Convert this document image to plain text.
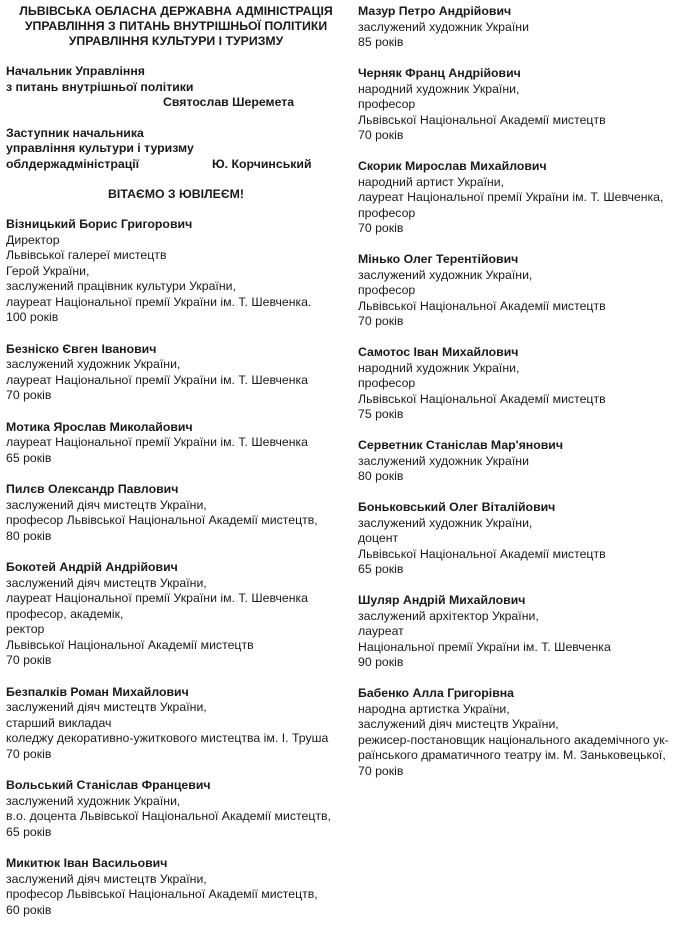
ЛЬВІВСЬКА ОБЛАСНА ДЕРЖАВНА АДМІНІСТРАЦІЯ
УПРАВЛІННЯ З ПИТАНЬ ВНУТРІШНЬОЇ ПОЛІТИКИ
УПРАВЛІННЯ КУЛЬТУРИ І ТУРИЗМУ
Начальник Управління
з питань внутрішньої політики
Святослав Шеремета
Заступник начальника
управління культури і туризму
облдержадміністрації	Ю. Корчинський
ВІТАЄМО З ЮВІЛЕЄМ!
Візницький Борис Григорович
Директор
Львівської галереї мистецтв
Герой України,
заслужений працівник культури України,
лауреат Національної премії України ім. Т. Шевченка.
100 років
Безніско Євген Іванович
заслужений художник України,
лауреат Національної премії України ім. Т. Шевченка
70 років
Мотика Ярослав Миколайович
лауреат Національної премії України ім. Т. Шевченка
65 років
Пилєв Олександр Павлович
заслужений діяч мистецтв України,
професор Львівської Національної Академії мистецтв,
80 років
Бокотей Андрій Андрійович
заслужений діяч мистецтв України,
лауреат Національної премії України ім. Т. Шевченка
професор, академік,
ректор
Львівської Національної Академії мистецтв
70 років
Безпалків Роман Михайлович
заслужений діяч мистецтв України,
старший викладач
коледжу декоративно-ужиткового мистецтва ім. І. Труша
70 років
Вольський Станіслав Францевич
заслужений художник України,
в.о. доцента Львівської Національної Академії мистецтв,
65 років
Микитюк Іван Васильович
заслужений діяч мистецтв України,
професор Львівської Національної Академії мистецтв,
60 років
Мазур Петро Андрійович
заслужений художник України
85 років
Черняк Франц Андрійович
народний художник України,
професор
Львівської Національної Академії мистецтв
70 років
Скорик Мирослав Михайлович
народний артист України,
лауреат Національної премії України ім. Т. Шевченка,
професор
70 років
Мінько Олег Терентійович
заслужений художник України,
професор
Львівської Національної Академії мистецтв
70 років
Самотос Іван Михайлович
народний художник України,
професор
Львівської Національної Академії мистецтв
75 років
Серветник Станіслав Мар'янович
заслужений художник України
80 років
Боньковський Олег Віталійович
заслужений художник України,
доцент
Львівської Національної Академії мистецтв
65 років
Шуляр Андрій Михайлович
заслужений архітектор України,
лауреат
Національної премії України ім. Т. Шевченка
90 років
Бабенко Алла Григорівна
народна артистка України,
заслужений діяч мистецтв України,
режисер-постановщик національного академічного ук-
раїнського драматичного театру ім. М. Заньковецької,
70 років
